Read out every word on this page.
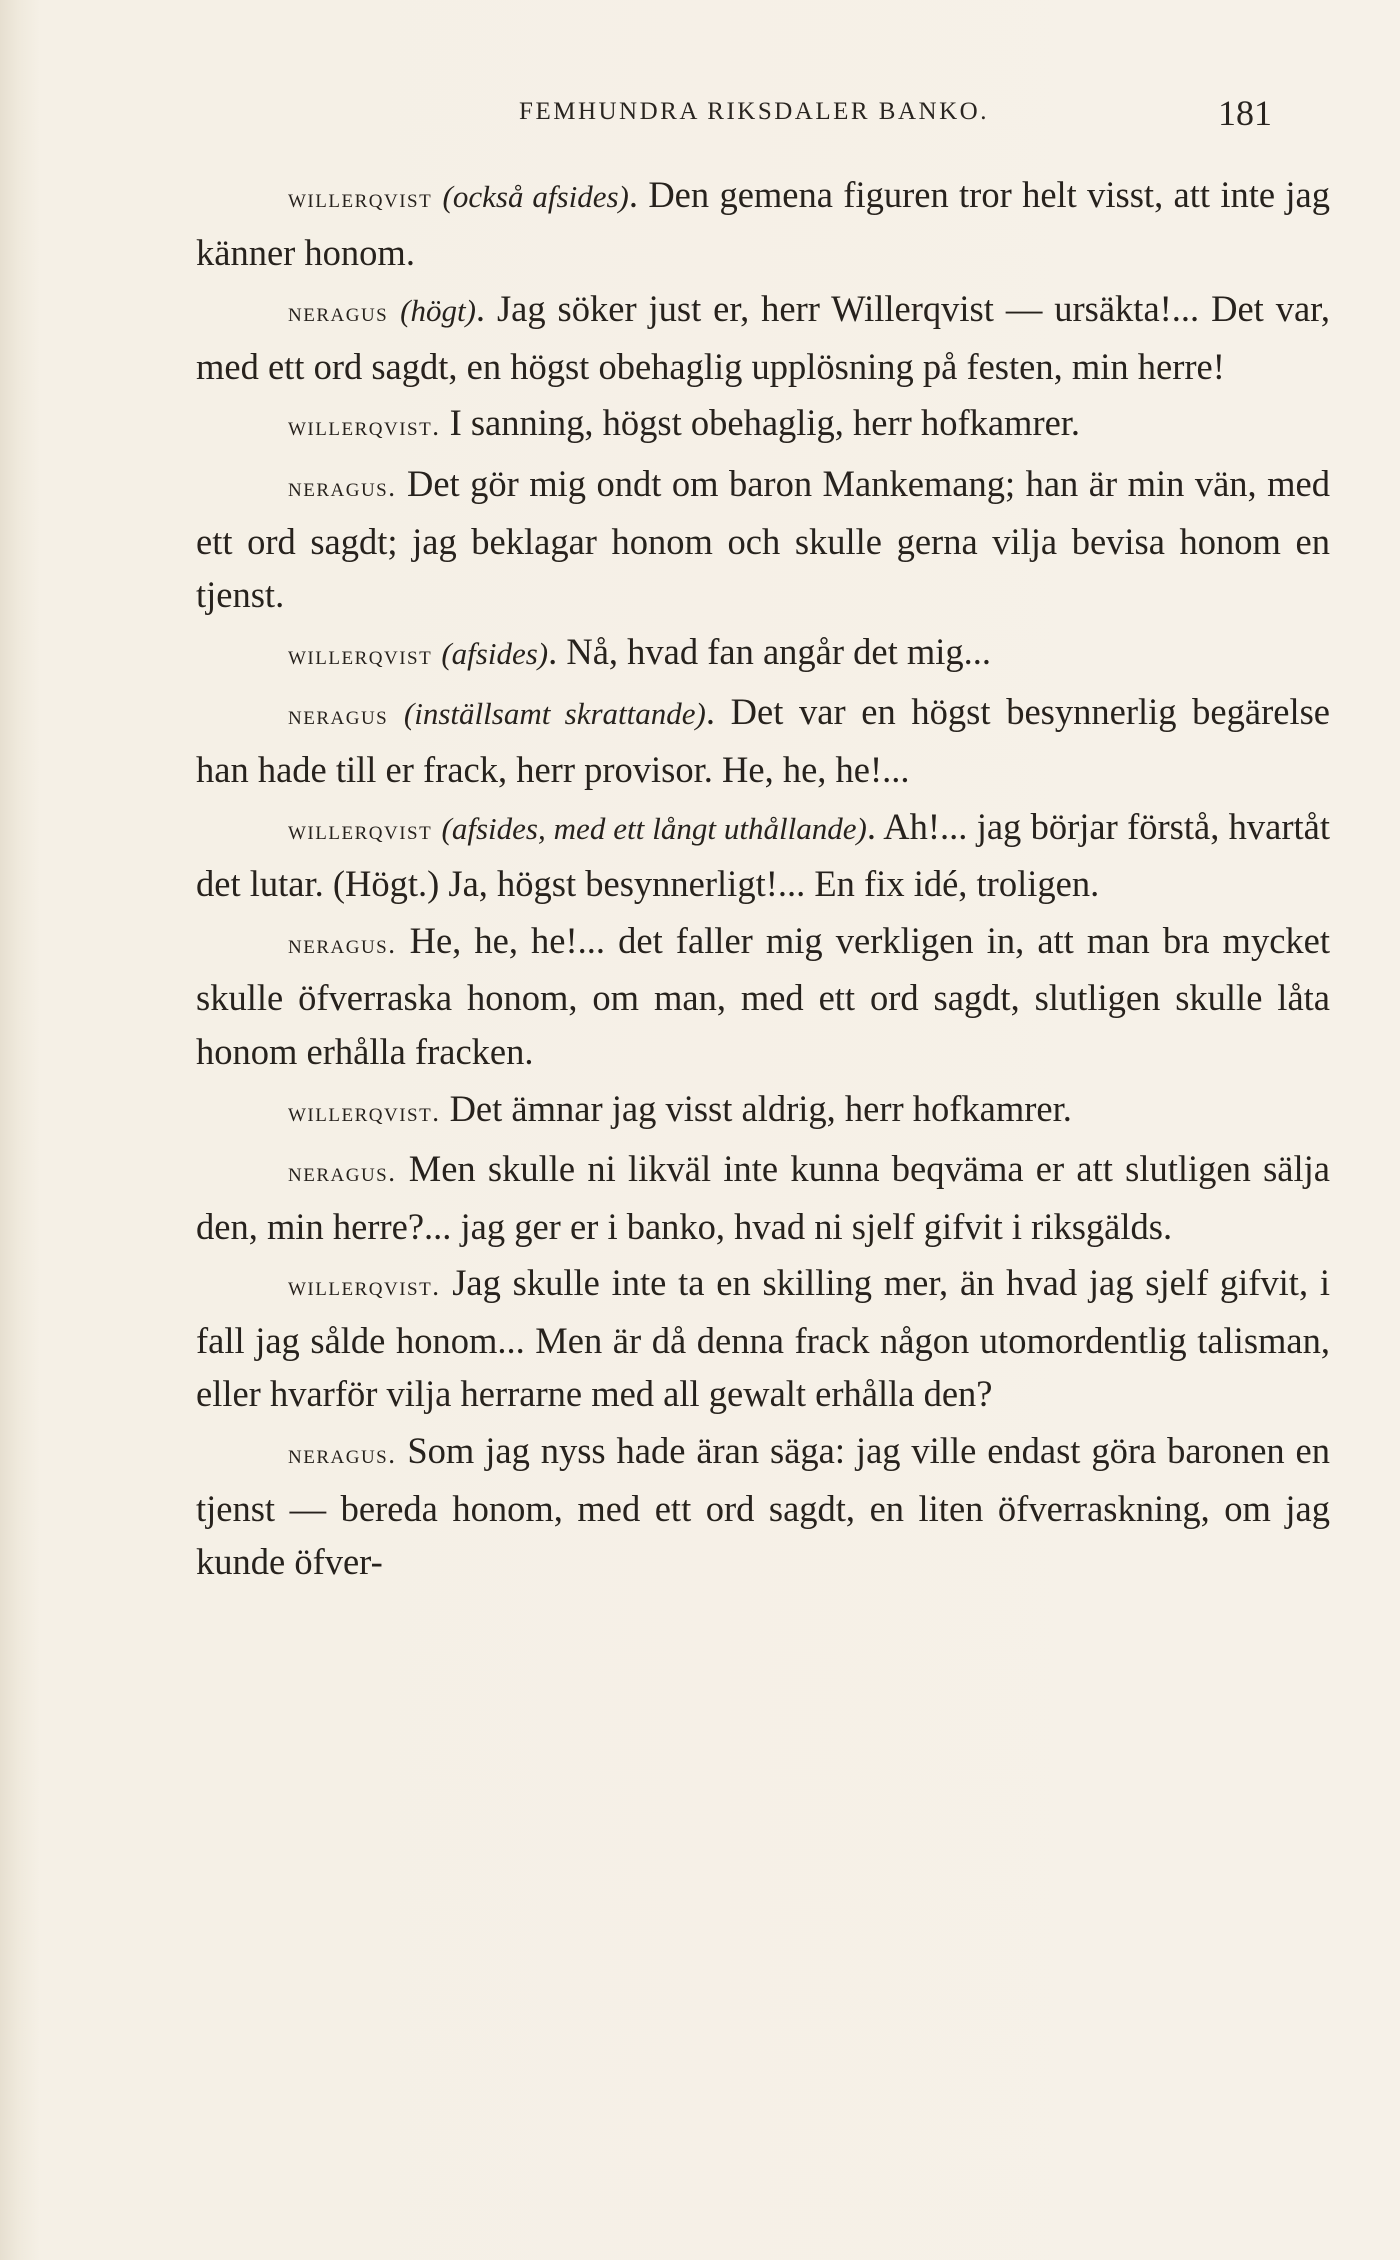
FEMHUNDRA RIKSDALER BANKO.	181

willerqvist (också afsides). Den gemena figuren tror helt visst, att inte jag känner honom.

neragus (högt). Jag söker just er, herr Willerqvist — ursäkta!... Det var, med ett ord sagdt, en högst obehaglig upplösning på festen, min herre!

willerqvist. I sanning, högst obehaglig, herr hofkamrer.

neragus. Det gör mig ondt om baron Mankemang; han är min vän, med ett ord sagdt; jag beklagar honom och skulle gerna vilja bevisa honom en tjenst.

willerqvist (afsides). Nå, hvad fan angår det mig...

neragus (inställsamt skrattande). Det var en högst besynnerlig begärelse han hade till er frack, herr provisor. He, he, he!...

willerqvist (afsides, med ett långt uthållande). Ah!... jag börjar förstå, hvartåt det lutar. (Högt.) Ja, högst besynnerligt!... En fix idé, troligen.

neragus. He, he, he!... det faller mig verkligen in, att man bra mycket skulle öfverraska honom, om man, med ett ord sagdt, slutligen skulle låta honom erhålla fracken.

willerqvist. Det ämnar jag visst aldrig, herr hofkamrer.

neragus. Men skulle ni likväl inte kunna beqväma er att slutligen sälja den, min herre?... jag ger er i banko, hvad ni sjelf gifvit i riksgälds.

willerqvist. Jag skulle inte ta en skilling mer, än hvad jag sjelf gifvit, i fall jag sålde honom... Men är då denna frack någon utomordentlig talisman, eller hvarför vilja herrarne med all gewalt erhålla den?

neragus. Som jag nyss hade äran säga: jag ville endast göra baronen en tjenst — bereda honom, med ett ord sagdt, en liten öfverraskning, om jag kunde öfver-
